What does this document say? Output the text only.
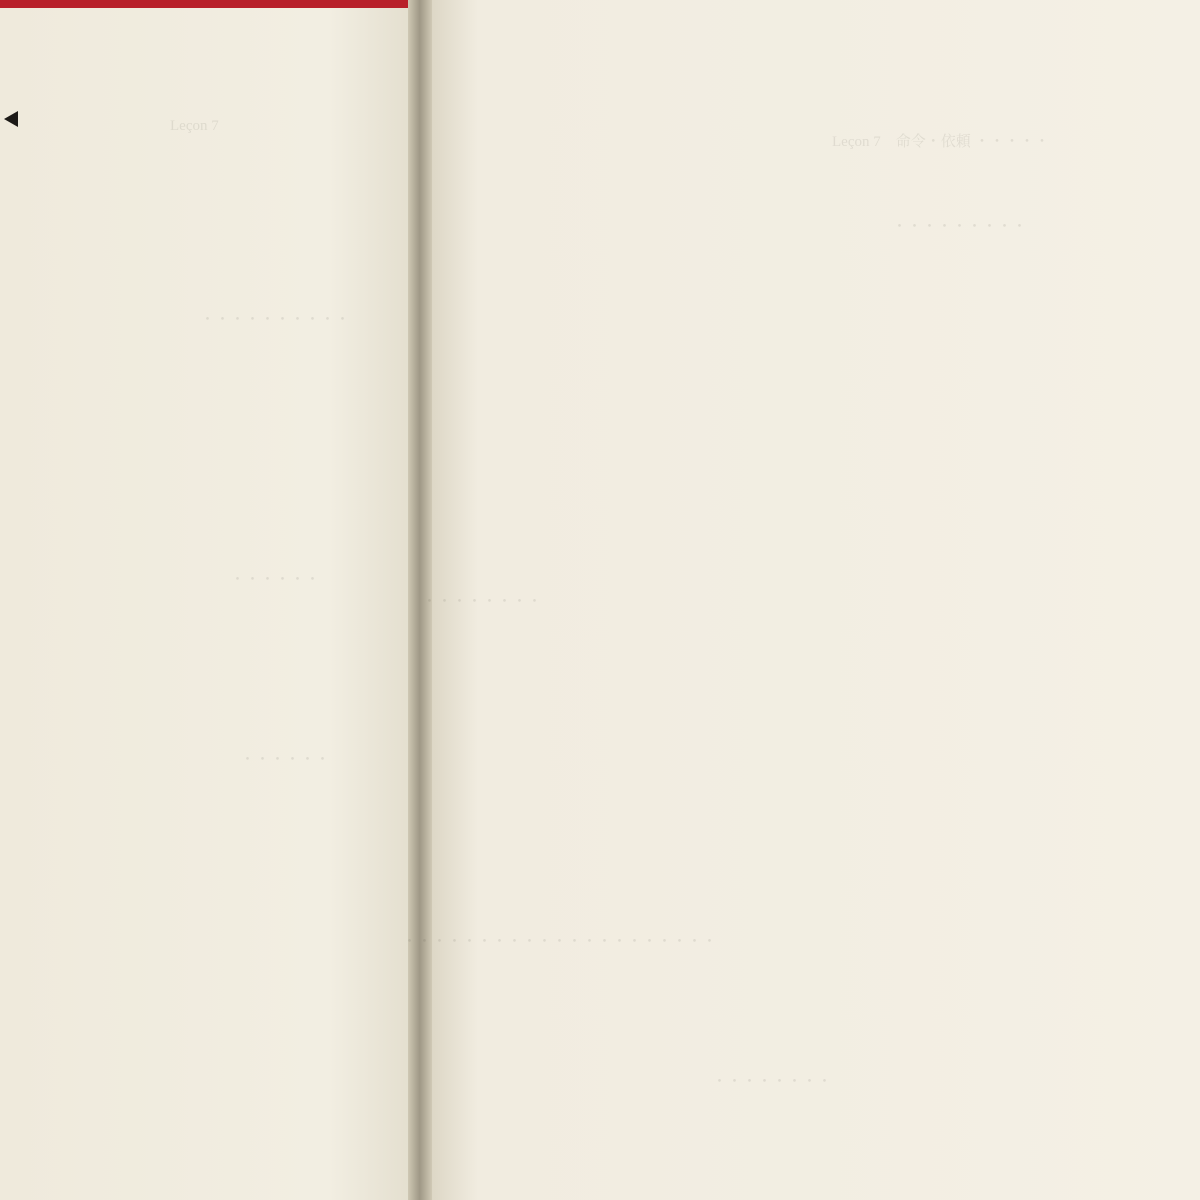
Leçon 7
・・・・・・・・・・
・・・・・・
・・・・・・
Leçon 7　命令・依頼 ・・・・・
・・・・・・・・・
・・・・・・・・
・・・・・・・・・・・・・・・・・・・・・
・・・・・・・・
